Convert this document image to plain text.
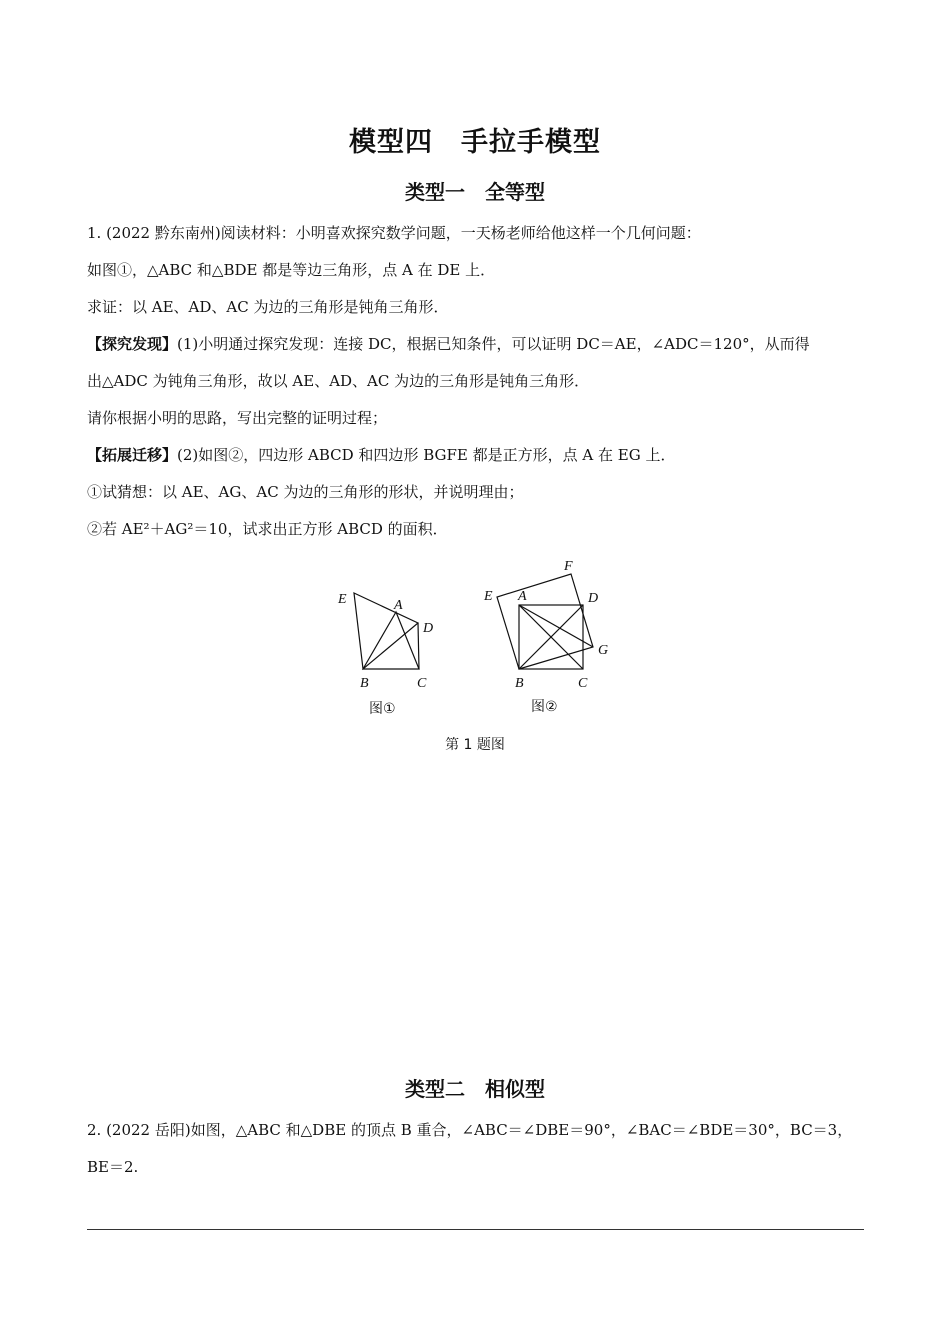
模型四　手拉手模型
类型一　全等型
1. (2022 黔东南州)阅读材料：小明喜欢探究数学问题，一天杨老师给他这样一个几何问题：
如图①，△ABC 和△BDE 都是等边三角形，点 A 在 DE 上．
求证：以 AE、AD、AC 为边的三角形是钝角三角形．
【探究发现】(1)小明通过探究发现：连接 DC，根据已知条件，可以证明 DC＝AE，∠ADC＝120°，从而得
出△ADC 为钝角三角形，故以 AE、AD、AC 为边的三角形是钝角三角形．
请你根据小明的思路，写出完整的证明过程；
【拓展迁移】(2)如图②，四边形 ABCD 和四边形 BGFE 都是正方形，点 A 在 EG 上．
①试猜想：以 AE、AG、AC 为边的三角形的形状，并说明理由；
②若 AE²＋AG²＝10，试求出正方形 ABCD 的面积．
E	A
D
B	C
F
E A	D
G
B	C
图①	图②
第 1 题图
类型二　相似型
2. (2022 岳阳)如图，△ABC 和△DBE 的顶点 B 重合，∠ABC＝∠DBE＝90°，∠BAC＝∠BDE＝30°，BC＝3，
BE＝2.
